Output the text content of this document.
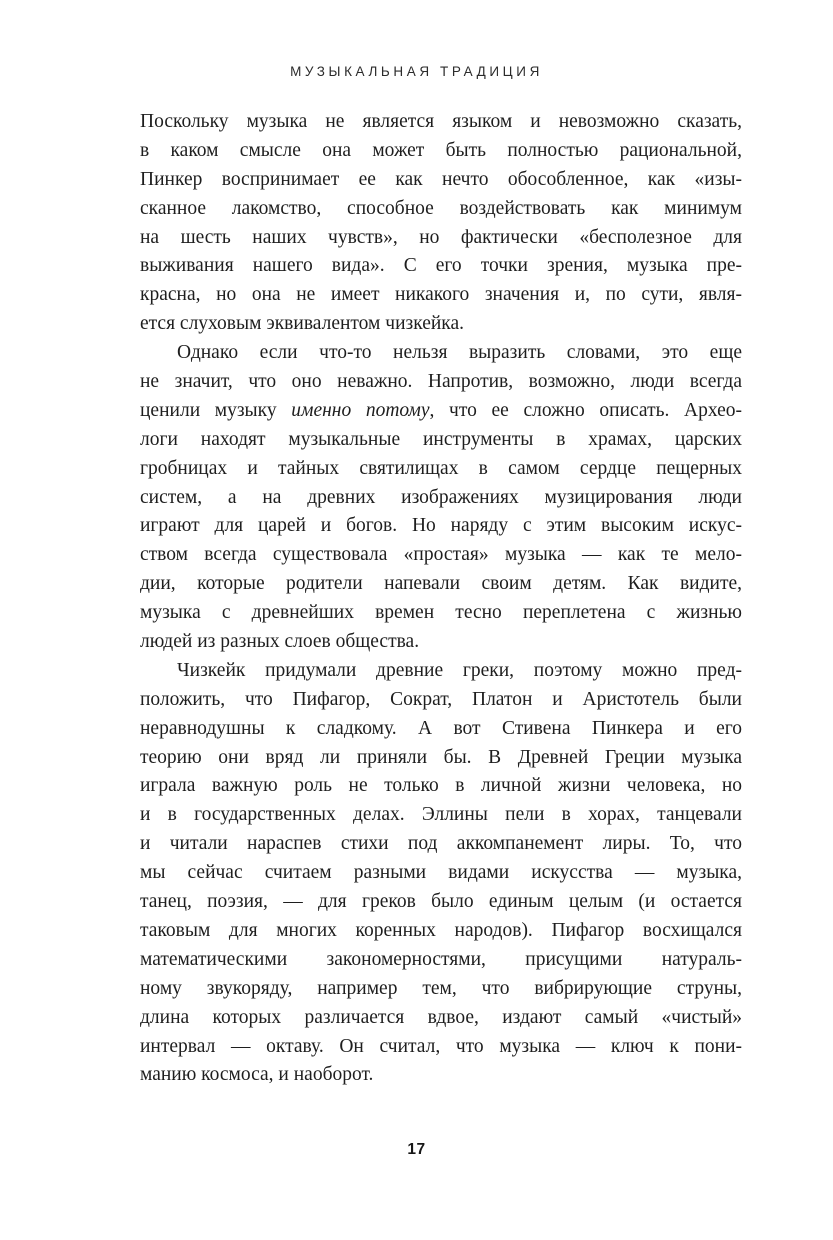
МУЗЫКАЛЬНАЯ ТРАДИЦИЯ
Поскольку музыка не является языком и невозможно сказать,
в каком смысле она может быть полностью рациональной,
Пинкер воспринимает ее как нечто обособленное, как «изы-
сканное лакомство, способное воздействовать как минимум
на шесть наших чувств», но фактически «бесполезное для
выживания нашего вида». С его точки зрения, музыка пре-
красна, но она не имеет никакого значения и, по сути, явля-
ется слуховым эквивалентом чизкейка.
Однако если что-то нельзя выразить словами, это еще
не значит, что оно неважно. Напротив, возможно, люди всегда
ценили музыку именно потому, что ее сложно описать. Архео-
логи находят музыкальные инструменты в храмах, царских
гробницах и тайных святилищах в самом сердце пещерных
систем, а на древних изображениях музицирования люди
играют для царей и богов. Но наряду с этим высоким искус-
ством всегда существовала «простая» музыка — как те мело-
дии, которые родители напевали своим детям. Как видите,
музыка с древнейших времен тесно переплетена с жизнью
людей из разных слоев общества.
Чизкейк придумали древние греки, поэтому можно пред-
положить, что Пифагор, Сократ, Платон и Аристотель были
неравнодушны к сладкому. А вот Стивена Пинкера и его
теорию они вряд ли приняли бы. В Древней Греции музыка
играла важную роль не только в личной жизни человека, но
и в государственных делах. Эллины пели в хорах, танцевали
и читали нараспев стихи под аккомпанемент лиры. То, что
мы сейчас считаем разными видами искусства — музыка,
танец, поэзия, — для греков было единым целым (и остается
таковым для многих коренных народов). Пифагор восхищался
математическими закономерностями, присущими натураль-
ному звукоряду, например тем, что вибрирующие струны,
длина которых различается вдвое, издают самый «чистый»
интервал — октаву. Он считал, что музыка — ключ к пони-
манию космоса, и наоборот.
17
